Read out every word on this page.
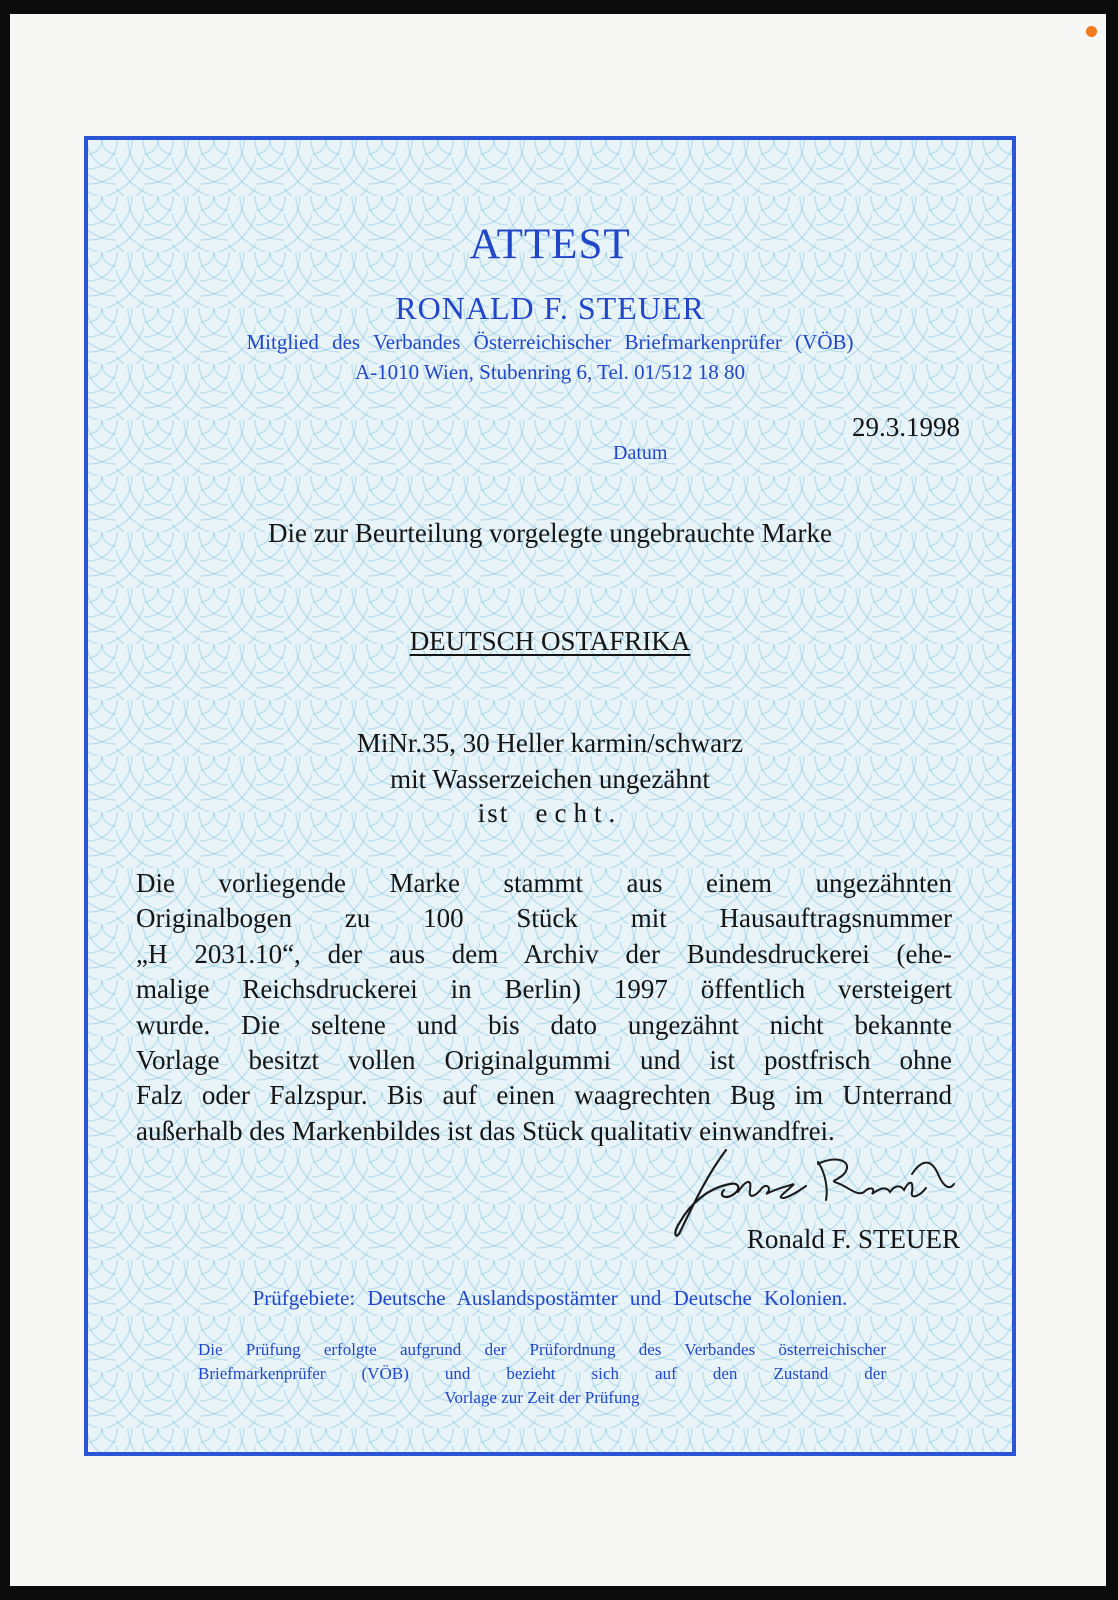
ATTEST
RONALD F. STEUER
Mitglied des Verbandes Österreichischer Briefmarkenprüfer (VÖB)
A-1010 Wien, Stubenring 6, Tel. 01/512 18 80
29.3.1998
Datum
Die zur Beurteilung vorgelegte ungebrauchte Marke
DEUTSCH OSTAFRIKA
MiNr.35, 30 Heller karmin/schwarz
mit Wasserzeichen ungezähnt
ist echt.
Die vorliegende Marke stammt aus einem ungezähnten
Originalbogen zu 100 Stück mit Hausauftragsnummer
„H 2031.10“, der aus dem Archiv der Bundesdruckerei (ehe-
malige Reichsdruckerei in Berlin) 1997 öffentlich versteigert
wurde. Die seltene und bis dato ungezähnt nicht bekannte
Vorlage besitzt vollen Originalgummi und ist postfrisch ohne
Falz oder Falzspur. Bis auf einen waagrechten Bug im Unterrand
außerhalb des Markenbildes ist das Stück qualitativ einwandfrei.
Ronald F. STEUER
Prüfgebiete: Deutsche Auslandspostämter und Deutsche Kolonien.
Die Prüfung erfolgte aufgrund der Prüfordnung des Verbandes österreichischer
Briefmarkenprüfer (VÖB) und bezieht sich auf den Zustand der
Vorlage zur Zeit der Prüfung
